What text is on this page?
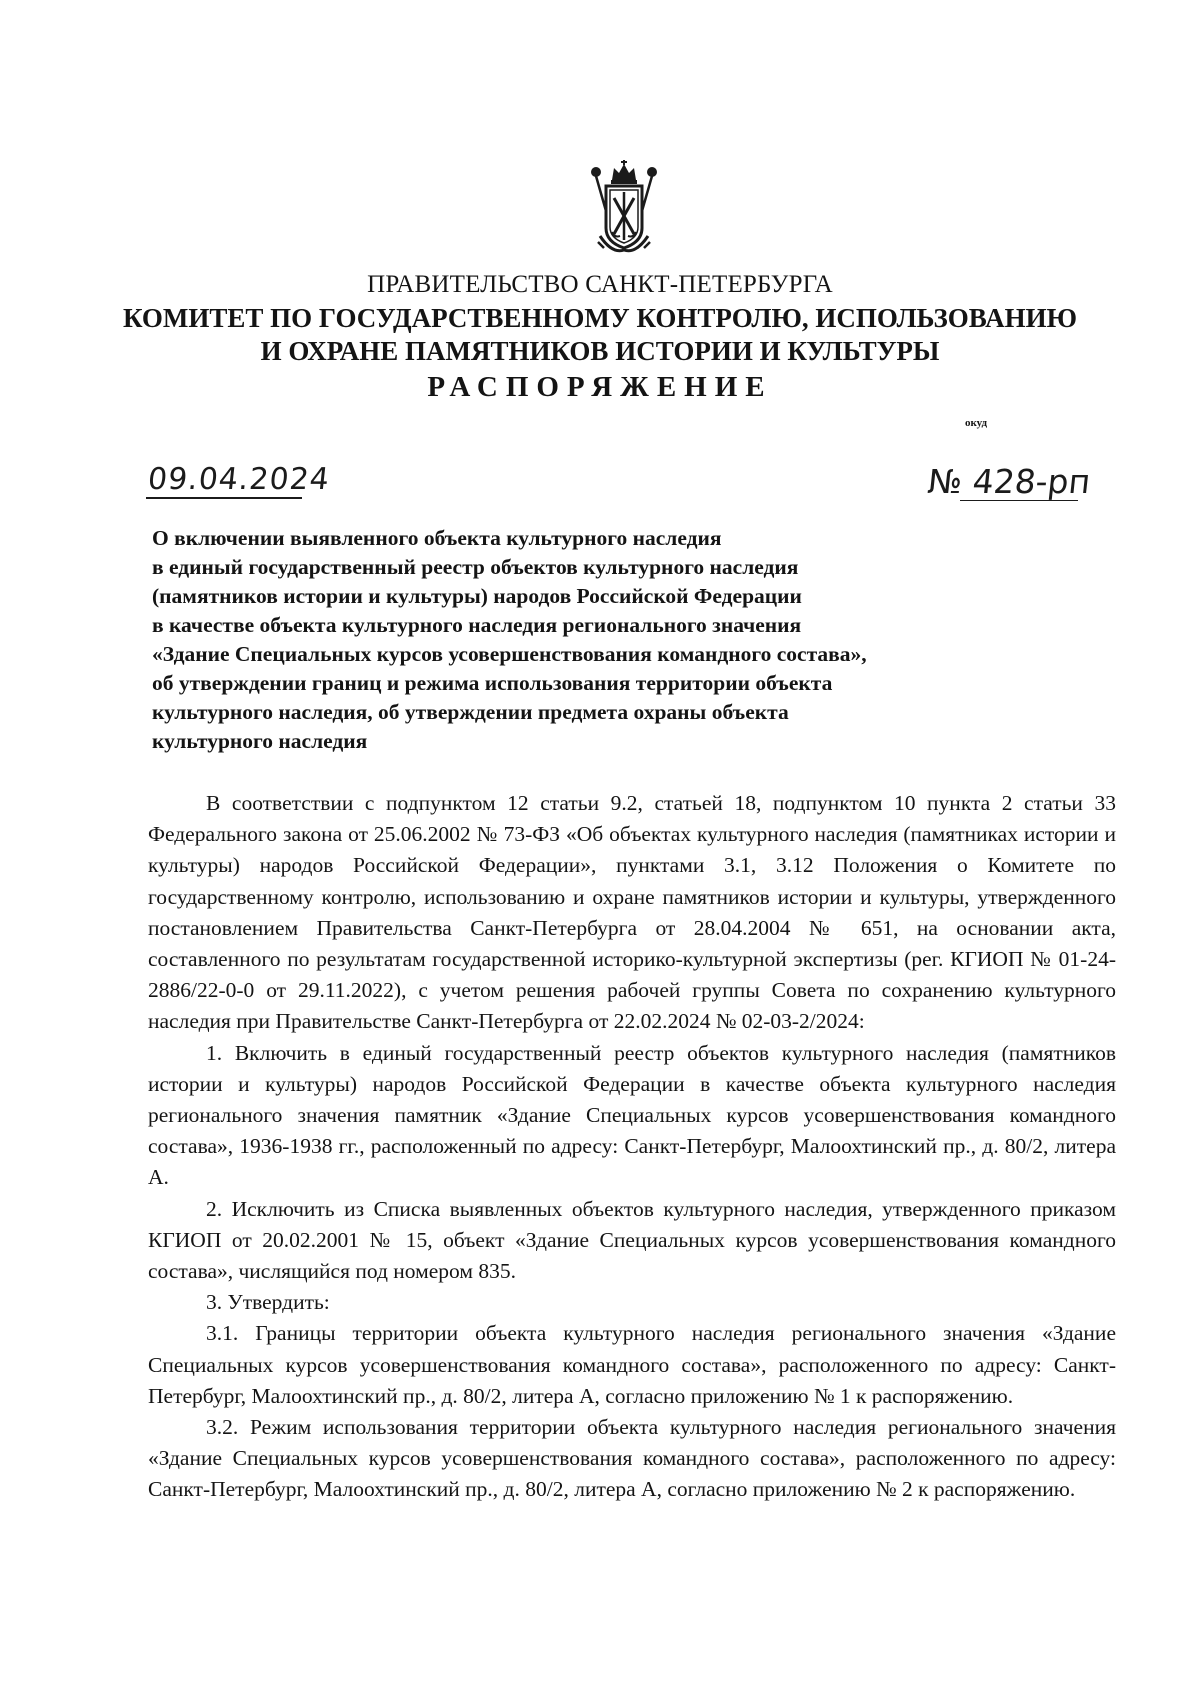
ПРАВИТЕЛЬСТВО САНКТ-ПЕТЕРБУРГА
КОМИТЕТ ПО ГОСУДАРСТВЕННОМУ КОНТРОЛЮ, ИСПОЛЬЗОВАНИЮ
И ОХРАНЕ ПАМЯТНИКОВ ИСТОРИИ И КУЛЬТУРЫ
РАСПОРЯЖЕНИЕ
окуд
09.04.2024	№ 428-рп
О включении выявленного объекта культурного наследия
в единый государственный реестр объектов культурного наследия
(памятников истории и культуры) народов Российской Федерации
в качестве объекта культурного наследия регионального значения
«Здание Специальных курсов усовершенствования командного состава»,
об утверждении границ и режима использования территории объекта
культурного наследия, об утверждении предмета охраны объекта
культурного наследия

В соответствии с подпунктом 12 статьи 9.2, статьей 18, подпунктом 10 пункта 2 статьи 33 Федерального закона от 25.06.2002 № 73-ФЗ «Об объектах культурного наследия (памятниках истории и культуры) народов Российской Федерации», пунктами 3.1, 3.12 Положения о Комитете по государственному контролю, использованию и охране памятников истории и культуры, утвержденного постановлением Правительства Санкт-Петербурга от 28.04.2004 № 651, на основании акта, составленного по результатам государственной историко-культурной экспертизы (рег. КГИОП № 01-24-2886/22-0-0 от 29.11.2022), с учетом решения рабочей группы Совета по сохранению культурного наследия при Правительстве Санкт-Петербурга от 22.02.2024 № 02-03-2/2024:

1. Включить в единый государственный реестр объектов культурного наследия (памятников истории и культуры) народов Российской Федерации в качестве объекта культурного наследия регионального значения памятник «Здание Специальных курсов усовершенствования командного состава», 1936-1938 гг., расположенный по адресу: Санкт-Петербург, Малоохтинский пр., д. 80/2, литера А.

2. Исключить из Списка выявленных объектов культурного наследия, утвержденного приказом КГИОП от 20.02.2001 № 15, объект «Здание Специальных курсов усовершенствования командного состава», числящийся под номером 835.

3. Утвердить:

3.1. Границы территории объекта культурного наследия регионального значения «Здание Специальных курсов усовершенствования командного состава», расположенного по адресу: Санкт-Петербург, Малоохтинский пр., д. 80/2, литера А, согласно приложению № 1 к распоряжению.

3.2. Режим использования территории объекта культурного наследия регионального значения «Здание Специальных курсов усовершенствования командного состава», расположенного по адресу: Санкт-Петербург, Малоохтинский пр., д. 80/2, литера А, согласно приложению № 2 к распоряжению.
